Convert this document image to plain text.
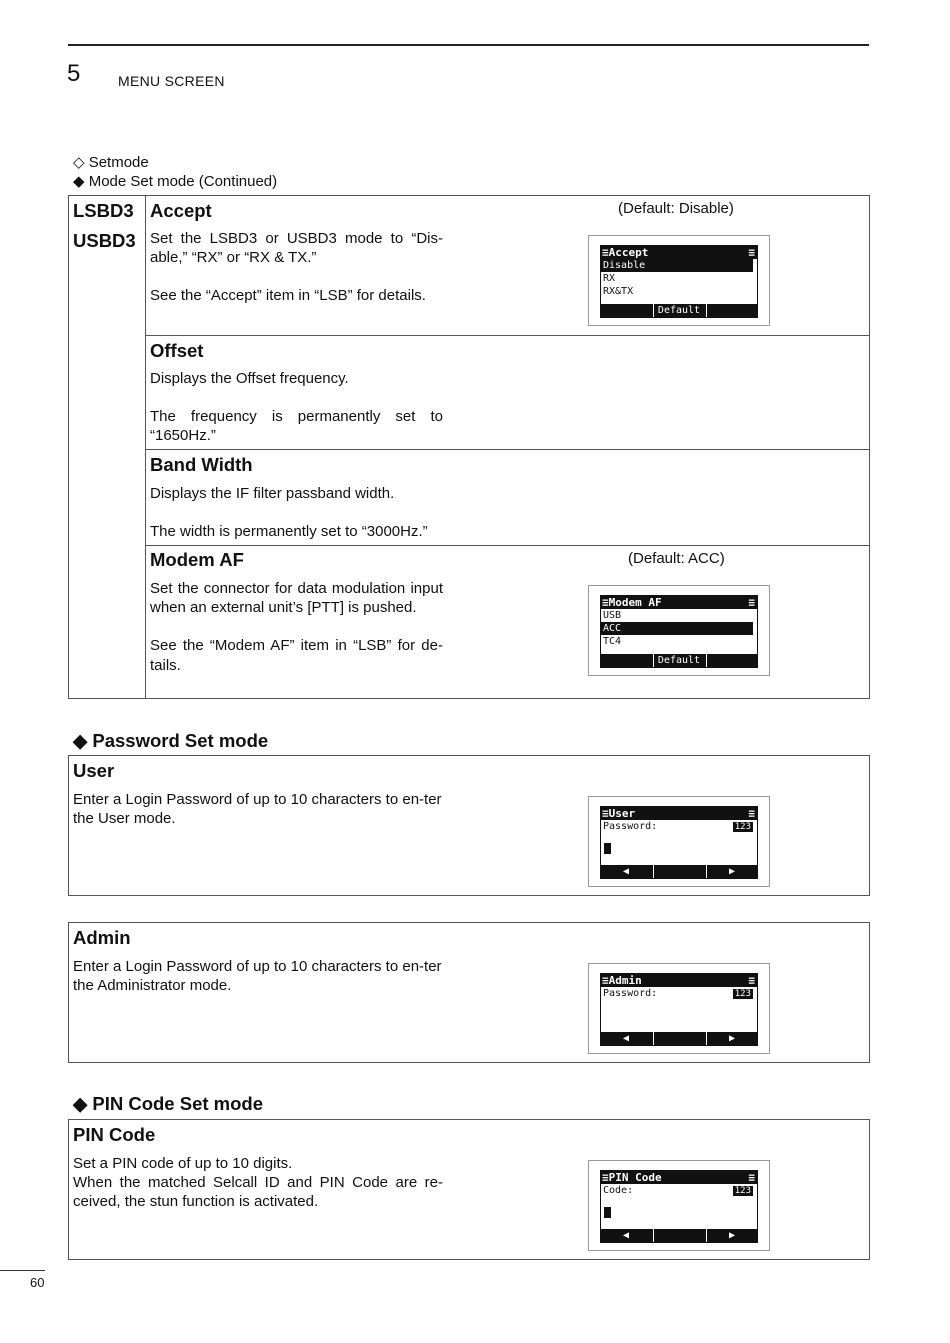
5	MENU SCREEN
◇ Setmode
◆ Mode Set mode (Continued)
LSBD3
USBD3
Accept	(Default: Disable)
Set the LSBD3 or USBD3 mode to “Dis-able,” “RX” or “RX & TX.”
See the “Accept” item in “LSB” for details.
≡Accept	≡
Disable
RX
RX&TX
Default
Offset
Displays the Offset frequency.
The frequency is permanently set to “1650Hz.”
Band Width
Displays the IF filter passband width.
The width is permanently set to “3000Hz.”
Modem AF	(Default: ACC)
Set the connector for data modulation input when an external unit’s [PTT] is pushed.
See the “Modem AF” item in “LSB” for de-tails.
≡Modem AF	≡
USB
ACC
TC4
Default
◆ Password Set mode
User
Enter a Login Password of up to 10 characters to en-ter the User mode.	≡User	≡
Password:	123
◀	▶
Admin
Enter a Login Password of up to 10 characters to en-ter the Administrator mode.	≡Admin	≡
Password:	123
◀	▶
◆ PIN Code Set mode
PIN Code
Set a PIN code of up to 10 digits.
When the matched Selcall ID and PIN Code are re-ceived, the stun function is activated.
≡PIN Code	≡
Code:	123
◀	▶
60
